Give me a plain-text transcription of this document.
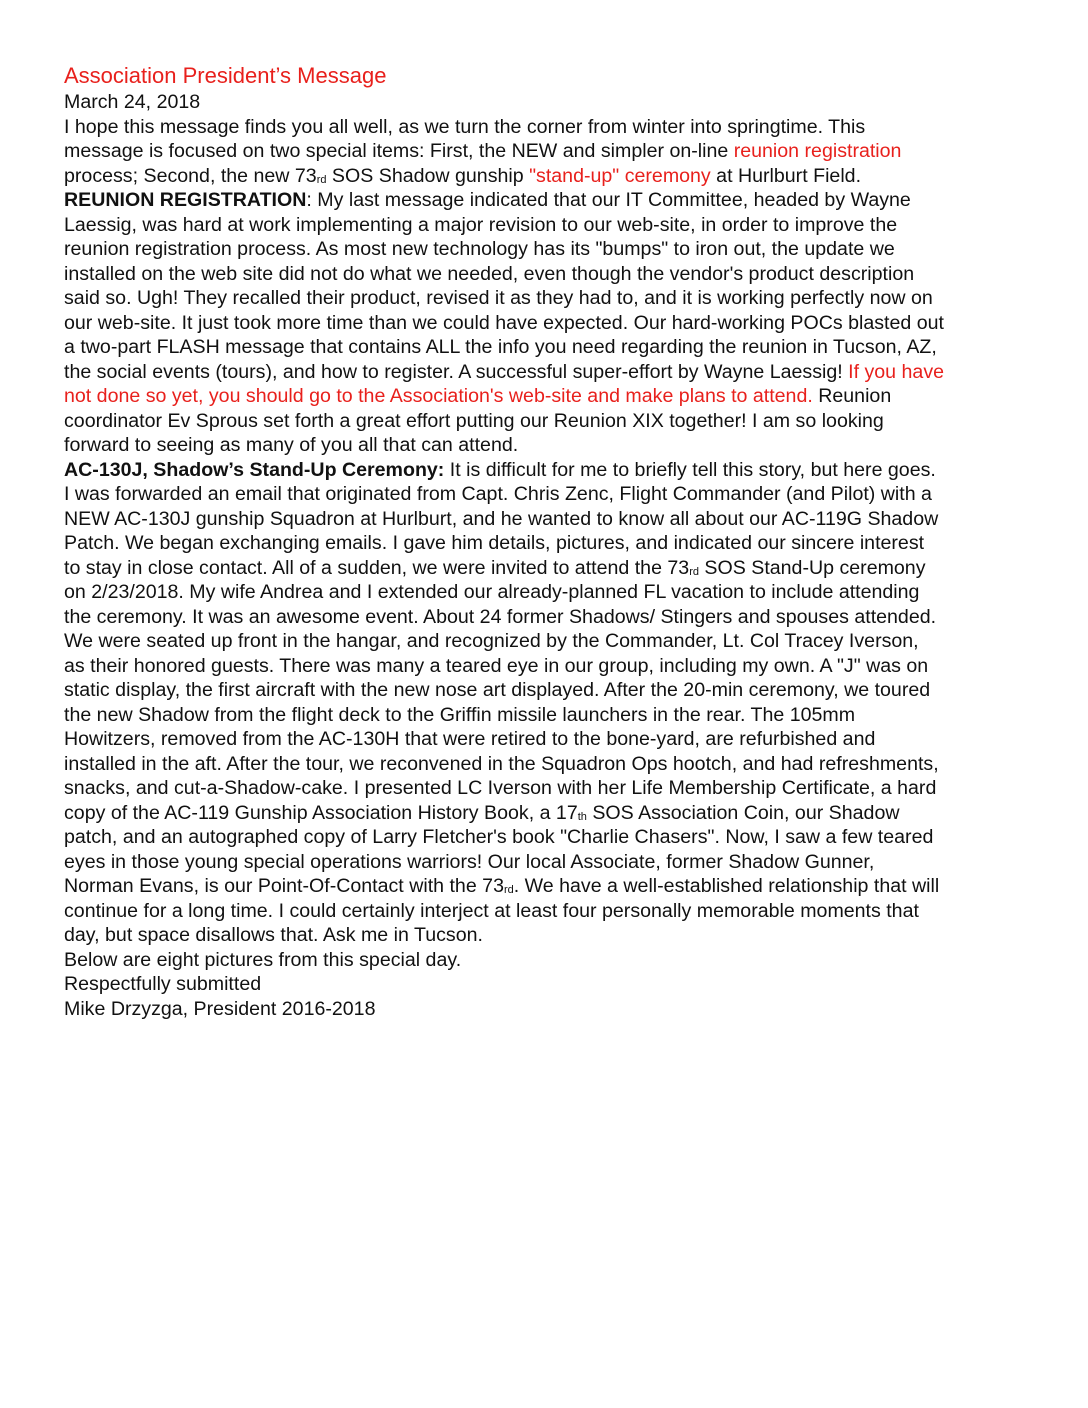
Association President’s Message

March 24, 2018

I hope this message finds you all well, as we turn the corner from winter into springtime. This message is focused on two special items: First, the NEW and simpler on-line reunion registration process; Second, the new $73_{rd}$ SOS Shadow gunship "stand-up" ceremony at Hurlburt Field.

REUNION REGISTRATION: My last message indicated that our IT Committee, headed by Wayne Laessig, was hard at work implementing a major revision to our web-site, in order to improve the reunion registration process. As most new technology has its "bumps" to iron out, the update we installed on the web site did not do what we needed, even though the vendor's product description said so. Ugh! They recalled their product, revised it as they had to, and it is working perfectly now on our web-site. It just took more time than we could have expected. Our hard-working POCs blasted out a two-part FLASH message that contains ALL the info you need regarding the reunion in Tucson, AZ, the social events (tours), and how to register. A successful super-effort by Wayne Laessig! If you have not done so yet, you should go to the Association's web-site and make plans to attend. Reunion coordinator Ev Sprous set forth a great effort putting our Reunion XIX together! I am so looking forward to seeing as many of you all that can attend.

AC-130J, Shadow’s Stand-Up Ceremony: It is difficult for me to briefly tell this story, but here goes. I was forwarded an email that originated from Capt. Chris Zenc, Flight Commander (and Pilot) with a NEW AC-130J gunship Squadron at Hurlburt, and he wanted to know all about our AC-119G Shadow Patch. We began exchanging emails. I gave him details, pictures, and indicated our sincere interest to stay in close contact. All of a sudden, we were invited to attend the $73_{rd}$ SOS Stand-Up ceremony on 2/23/2018. My wife Andrea and I extended our already-planned FL vacation to include attending the ceremony. It was an awesome event. About 24 former Shadows/ Stingers and spouses attended. We were seated up front in the hangar, and recognized by the Commander, Lt. Col Tracey Iverson, as their honored guests. There was many a teared eye in our group, including my own. A "J" was on static display, the first aircraft with the new nose art displayed. After the 20-min ceremony, we toured the new Shadow from the flight deck to the Griffin missile launchers in the rear. The 105mm Howitzers, removed from the AC-130H that were retired to the bone-yard, are refurbished and installed in the aft. After the tour, we reconvened in the Squadron Ops hootch, and had refreshments, snacks, and cut-a-Shadow-cake. I presented LC Iverson with her Life Membership Certificate, a hard copy of the AC-119 Gunship Association History Book, a $17_{th}$ SOS Association Coin, our Shadow patch, and an autographed copy of Larry Fletcher's book "Charlie Chasers". Now, I saw a few teared eyes in those young special operations warriors! Our local Associate, former Shadow Gunner, Norman Evans, is our Point-Of-Contact with the $73_{rd}$. We have a well-established relationship that will continue for a long time. I could certainly interject at least four personally memorable moments that day, but space disallows that. Ask me in Tucson.

Below are eight pictures from this special day.

Respectfully submitted

Mike Drzyzga, President 2016-2018
